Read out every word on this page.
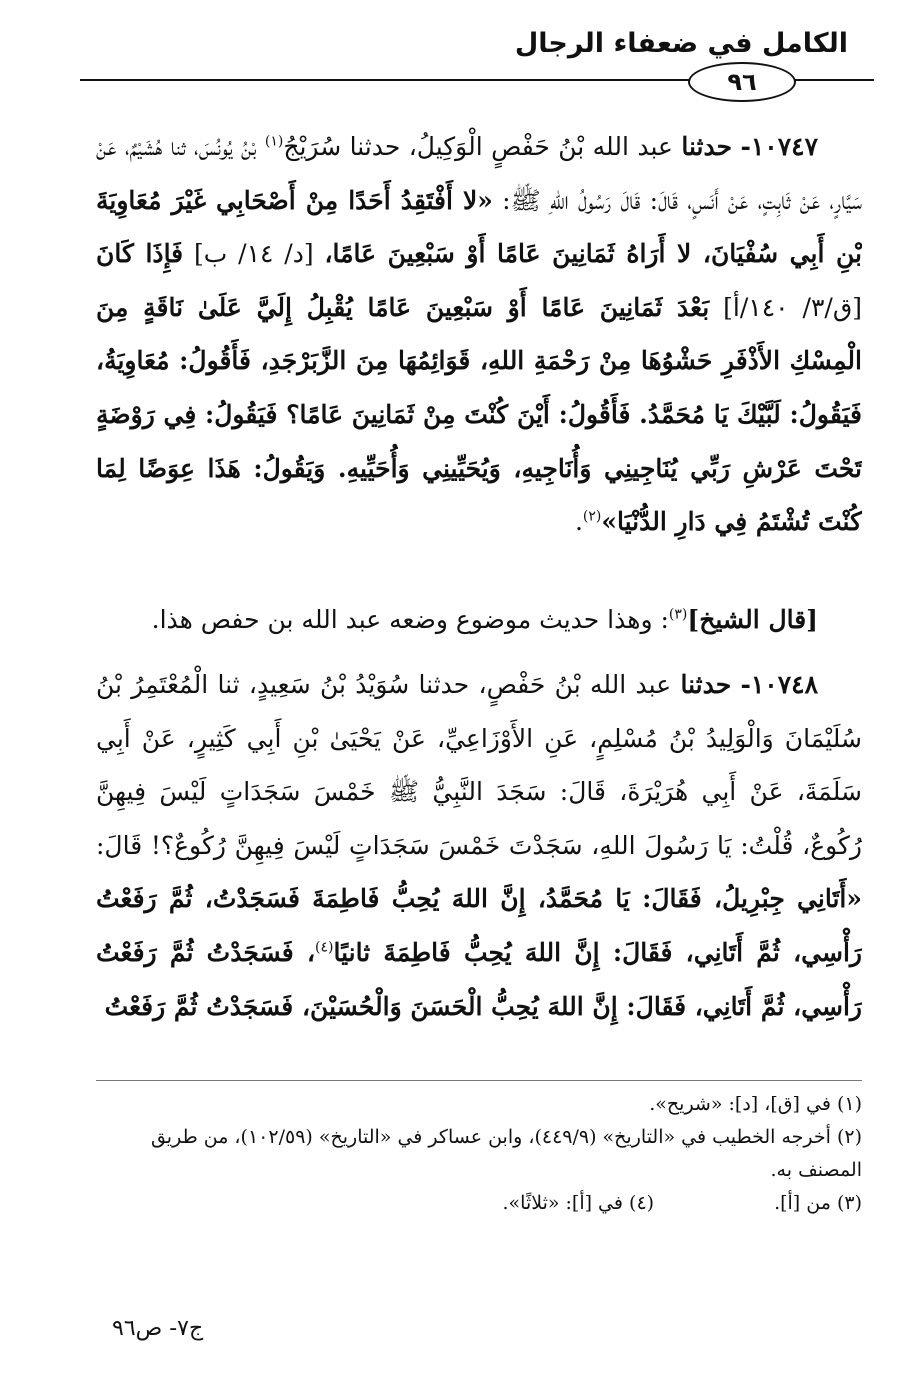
الكامل في ضعفاء الرجال
٩٦

١٠٧٤٧- حدثنا عبد الله بْنُ حَفْصٍ الْوَكِيلُ، حدثنا سُرَيْجُ$^{(١)}$ بْنُ يُونُسَ، ثنا هُشَيْمٌ، عَنْ سَيَّارٍ، عَنْ ثَابِتٍ، عَنْ أَنَسٍ، قَالَ: قَالَ رَسُولُ اللهِ ﷺ: «لا أَفْتَقِدُ أَحَدًا مِنْ أَصْحَابِي غَيْرَ مُعَاوِيَةَ بْنِ أَبِي سُفْيَانَ، لا أَرَاهُ ثَمَانِينَ عَامًا أَوْ سَبْعِينَ عَامًا، [د/ ١٤/ ب] فَإِذَا كَانَ [ق/٣/ ١٤٠/أ] بَعْدَ ثَمَانِينَ عَامًا أَوْ سَبْعِينَ عَامًا يُقْبِلُ إِلَيَّ عَلَىٰ نَاقَةٍ مِنَ الْمِسْكِ الأَذْفَرِ حَشْوُهَا مِنْ رَحْمَةِ اللهِ، قَوَائِمُهَا مِنَ الزَّبَرْجَدِ، فَأَقُولُ: مُعَاوِيَةُ، فَيَقُولُ: لَبَّيْكَ يَا مُحَمَّدُ. فَأَقُولُ: أَيْنَ كُنْتَ مِنْ ثَمَانِينَ عَامًا؟ فَيَقُولُ: فِي رَوْضَةٍ تَحْتَ عَرْشِ رَبِّي يُنَاجِينِي وَأُنَاجِيهِ، وَيُحَيِّينِي وَأُحَيِّيهِ. وَيَقُولُ: هَذَا عِوَضًا لِمَا كُنْتَ تُشْتَمُ فِي دَارِ الدُّنْيَا»$^{(٢)}$.

[قال الشيخ]$^{(٣)}$: وهذا حديث موضوع وضعه عبد الله بن حفص هذا.

١٠٧٤٨- حدثنا عبد الله بْنُ حَفْصٍ، حدثنا سُوَيْدُ بْنُ سَعِيدٍ، ثنا الْمُعْتَمِرُ بْنُ سُلَيْمَانَ وَالْوَلِيدُ بْنُ مُسْلِمٍ، عَنِ الأَوْزَاعِيِّ، عَنْ يَحْيَىٰ بْنِ أَبِي كَثِيرٍ، عَنْ أَبِي سَلَمَةَ، عَنْ أَبِي هُرَيْرَةَ، قَالَ: سَجَدَ النَّبِيُّ ﷺ خَمْسَ سَجَدَاتٍ لَيْسَ فِيهِنَّ رُكُوعٌ، قُلْتُ: يَا رَسُولَ اللهِ، سَجَدْتَ خَمْسَ سَجَدَاتٍ لَيْسَ فِيهِنَّ رُكُوعٌ؟! قَالَ: «أَتَانِي جِبْرِيلُ، فَقَالَ: يَا مُحَمَّدُ، إِنَّ اللهَ يُحِبُّ فَاطِمَةَ فَسَجَدْتُ، ثُمَّ رَفَعْتُ رَأْسِي، ثُمَّ أَتَانِي، فَقَالَ: إِنَّ اللهَ يُحِبُّ فَاطِمَةَ ثانيًا$^{(٤)}$، فَسَجَدْتُ ثُمَّ رَفَعْتُ رَأْسِي، ثُمَّ أَتَانِي، فَقَالَ: إِنَّ اللهَ يُحِبُّ الْحَسَنَ وَالْحُسَيْنَ، فَسَجَدْتُ ثُمَّ رَفَعْتُ

(١) في [ق]، [د]: «شريح».

(٢) أخرجه الخطيب في «التاريخ» (٤٤٩/٩)، وابن عساكر في «التاريخ» (١٠٢/٥٩)، من طريق المصنف به.

(٣) من [أ].
(٤) في [أ]: «ثلاثًا».
ج٧- ص٩٦
